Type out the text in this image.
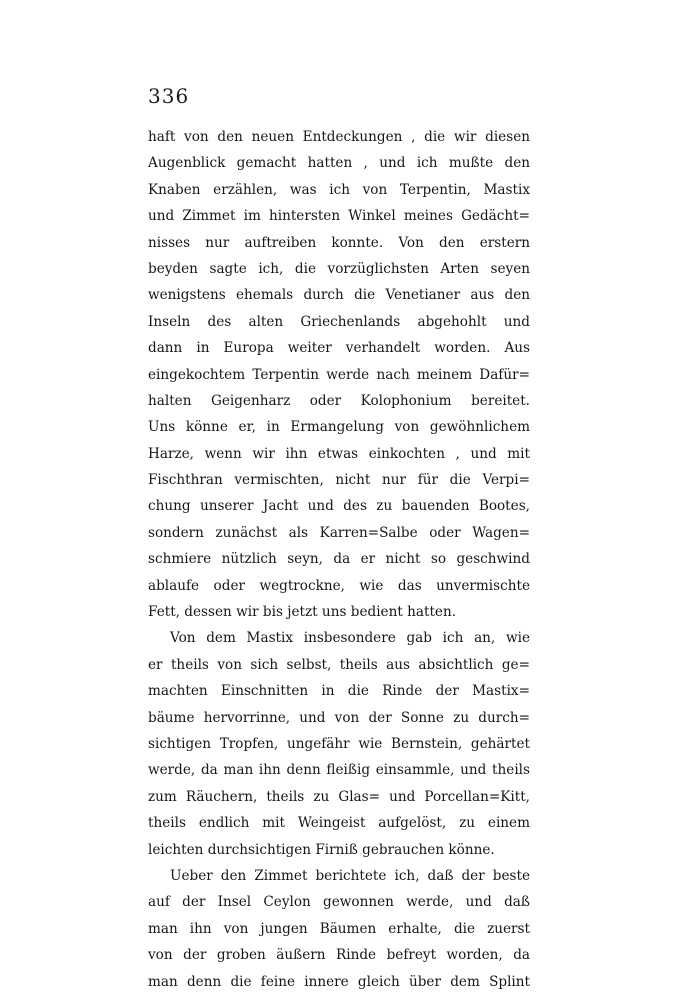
336
haft von den neuen Entdeckungen , die wir diesen
Augenblick gemacht hatten , und ich mußte den
Knaben erzählen, was ich von Terpentin, Mastix
und Zimmet im hintersten Winkel meines Gedächt=
nisses nur auftreiben konnte. Von den erstern
beyden sagte ich, die vorzüglichsten Arten seyen
wenigstens ehemals durch die Venetianer aus den
Inseln des alten Griechenlands abgehohlt und
dann in Europa weiter verhandelt worden. Aus
eingekochtem Terpentin werde nach meinem Dafür=
halten Geigenharz oder Kolophonium bereitet.
Uns könne er, in Ermangelung von gewöhnlichem
Harze, wenn wir ihn etwas einkochten , und mit
Fischthran vermischten, nicht nur für die Verpi=
chung unserer Jacht und des zu bauenden Bootes,
sondern zunächst als Karren=Salbe oder Wagen=
schmiere nützlich seyn, da er nicht so geschwind
ablaufe oder wegtrockne, wie das unvermischte
Fett, dessen wir bis jetzt uns bedient hatten.
Von dem Mastix insbesondere gab ich an, wie
er theils von sich selbst, theils aus absichtlich ge=
machten Einschnitten in die Rinde der Mastix=
bäume hervorrinne, und von der Sonne zu durch=
sichtigen Tropfen, ungefähr wie Bernstein, gehärtet
werde, da man ihn denn fleißig einsammle, und theils
zum Räuchern, theils zu Glas= und Porcellan=Kitt,
theils endlich mit Weingeist aufgelöst, zu einem
leichten durchsichtigen Firniß gebrauchen könne.
Ueber den Zimmet berichtete ich, daß der beste
auf der Insel Ceylon gewonnen werde, und daß
man ihn von jungen Bäumen erhalte, die zuerst
von der groben äußern Rinde befreyt worden, da
man denn die feine innere gleich über dem Splint
